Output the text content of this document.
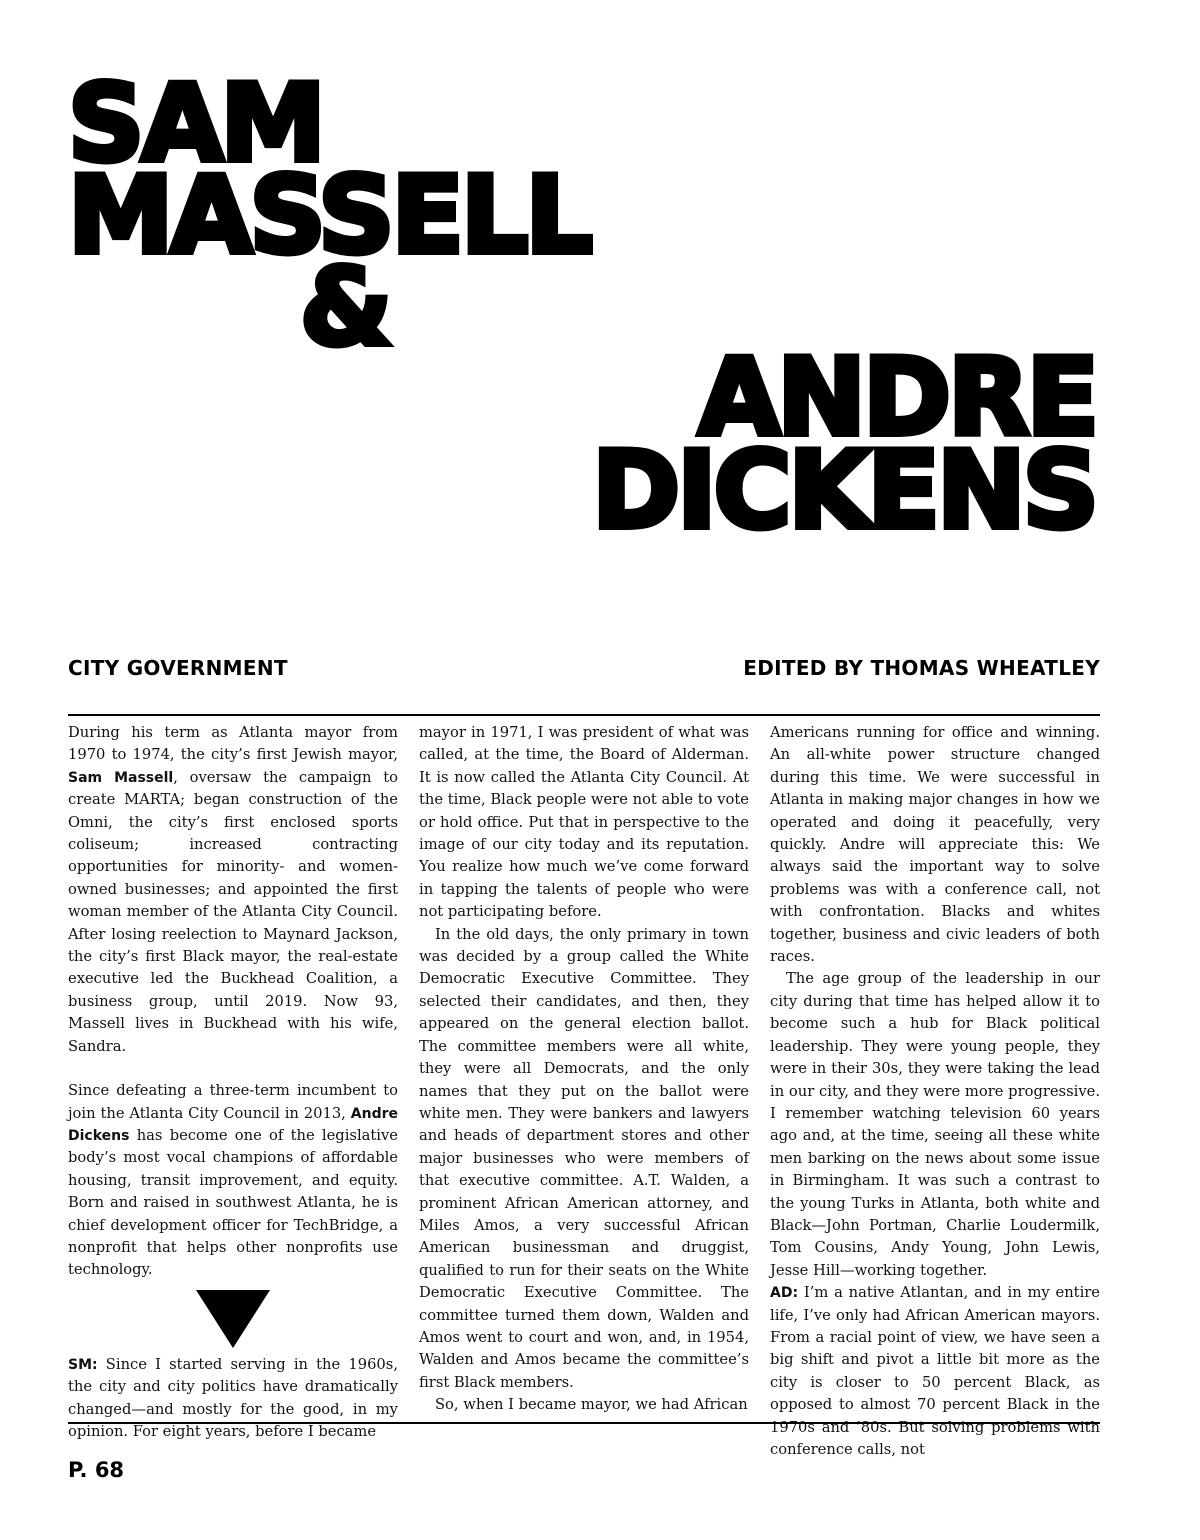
SAM
MASSELL
&
ANDRE
DICKENS
CITY GOVERNMENT	EDITED BY THOMAS WHEATLEY

During his term as Atlanta mayor from 1970 to 1974, the city’s first Jewish mayor, Sam Massell, oversaw the campaign to create MARTA; began construction of the Omni, the city’s first enclosed sports coliseum; increased contracting opportunities for minority- and women-owned businesses; and appointed the first woman member of the Atlanta City Council. After losing reelection to Maynard Jackson, the city’s first Black mayor, the real-estate executive led the Buckhead Coalition, a business group, until 2019. Now 93, Massell lives in Buckhead with his wife, Sandra.

Since defeating a three-term incumbent to join the Atlanta City Council in 2013, Andre Dickens has become one of the legislative body’s most vocal champions of affordable housing, transit improvement, and equity. Born and raised in southwest Atlanta, he is chief development officer for TechBridge, a nonprofit that helps other nonprofits use technology.

SM: Since I started serving in the 1960s, the city and city politics have dramatically changed—and mostly for the good, in my opinion. For eight years, before I became

mayor in 1971, I was president of what was called, at the time, the Board of Alderman. It is now called the Atlanta City Council. At the time, Black people were not able to vote or hold office. Put that in perspective to the image of our city today and its reputation. You realize how much we’ve come forward in tapping the talents of people who were not participating before.

In the old days, the only primary in town was decided by a group called the White Democratic Executive Committee. They selected their candidates, and then, they appeared on the general election ballot. The committee members were all white, they were all Democrats, and the only names that they put on the ballot were white men. They were bankers and lawyers and heads of department stores and other major businesses who were members of that executive committee. A.T. Walden, a prominent African American attorney, and Miles Amos, a very successful African American businessman and druggist, qualified to run for their seats on the White Democratic Executive Committee. The committee turned them down, Walden and Amos went to court and won, and, in 1954, Walden and Amos became the committee’s first Black members.

So, when I became mayor, we had African

Americans running for office and winning. An all-white power structure changed during this time. We were successful in Atlanta in making major changes in how we operated and doing it peacefully, very quickly. Andre will appreciate this: We always said the important way to solve problems was with a conference call, not with confrontation. Blacks and whites together, business and civic leaders of both races.

The age group of the leadership in our city during that time has helped allow it to become such a hub for Black political leadership. They were young people, they were in their 30s, they were taking the lead in our city, and they were more progressive. I remember watching television 60 years ago and, at the time, seeing all these white men barking on the news about some issue in Birmingham. It was such a contrast to the young Turks in Atlanta, both white and Black—John Portman, Charlie Loudermilk, Tom Cousins, Andy Young, John Lewis, Jesse Hill—working together.

AD: I’m a native Atlantan, and in my entire life, I’ve only had African American mayors. From a racial point of view, we have seen a big shift and pivot a little bit more as the city is closer to 50 percent Black, as opposed to almost 70 percent Black in the 1970s and ’80s. But solving problems with conference calls, not

P. 68
